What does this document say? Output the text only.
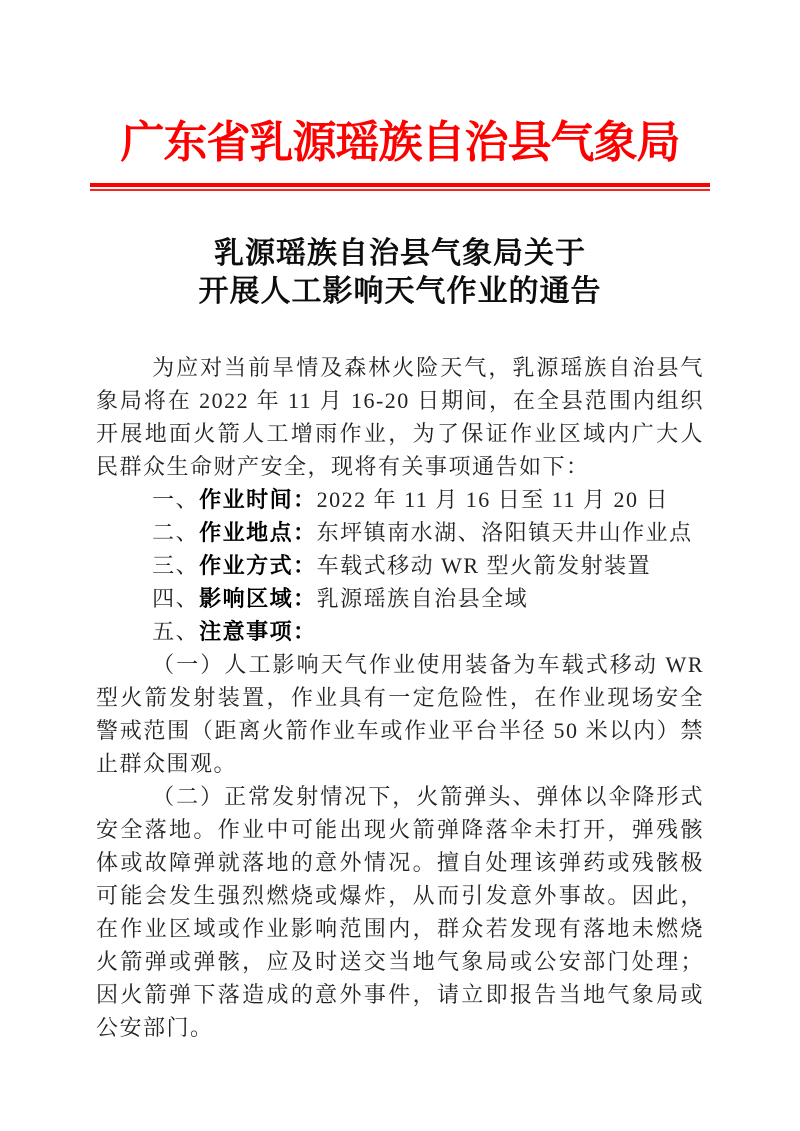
广东省乳源瑶族自治县气象局
乳源瑶族自治县气象局关于
开展人工影响天气作业的通告

为应对当前旱情及森林火险天气，乳源瑶族自治县气象局将在 2022 年 11 月 16-20 日期间，在全县范围内组织开展地面火箭人工增雨作业，为了保证作业区域内广大人民群众生命财产安全，现将有关事项通告如下：

一、作业时间：2022 年 11 月 16 日至 11 月 20 日

二、作业地点：东坪镇南水湖、洛阳镇天井山作业点

三、作业方式：车载式移动 WR 型火箭发射装置

四、影响区域：乳源瑶族自治县全域

五、注意事项：

（一）人工影响天气作业使用装备为车载式移动 WR 型火箭发射装置，作业具有一定危险性，在作业现场安全警戒范围（距离火箭作业车或作业平台半径 50 米以内）禁止群众围观。

（二）正常发射情况下，火箭弹头、弹体以伞降形式安全落地。作业中可能出现火箭弹降落伞未打开，弹残骸体或故障弹就落地的意外情况。擅自处理该弹药或残骸极可能会发生强烈燃烧或爆炸，从而引发意外事故。因此，在作业区域或作业影响范围内，群众若发现有落地未燃烧火箭弹或弹骸，应及时送交当地气象局或公安部门处理；因火箭弹下落造成的意外事件，请立即报告当地气象局或公安部门。
